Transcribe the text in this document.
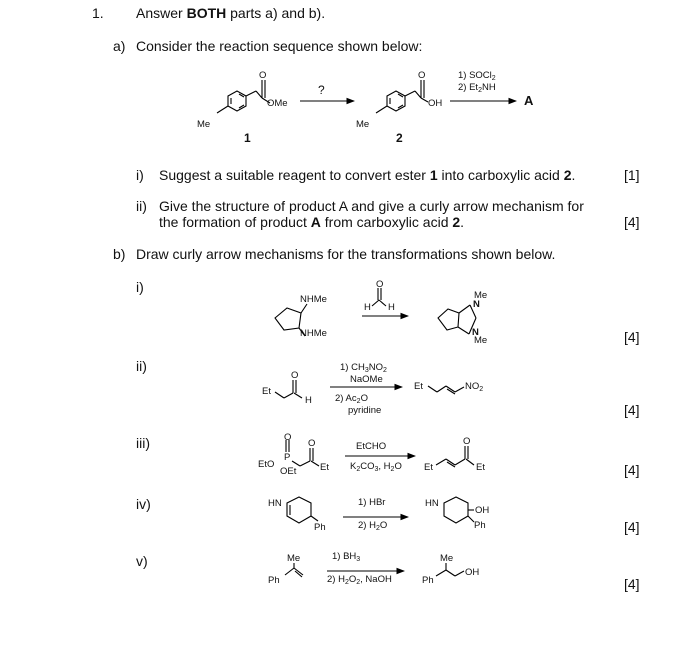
1. Answer BOTH parts a) and b).
a) Consider the reaction sequence shown below:
OMe
O
Me
1
?
O
OH
Me
2
1) SOCl$_2$
2) $Et_2NH$
A
i) Suggest a suitable reagent to convert ester 1 into carboxylic acid 2.	[1]
ii) Give the structure of product A and give a curly arrow mechanism for
the formation of product A from carboxylic acid 2.	[4]
b) Draw curly arrow mechanisms for the transformations shown below.
i)
NHMe
NHMe
O
H H
Me
N
N
Me	[4]
ii)
Et
O
H
1) $CH_3NO_2$
NaOMe
2) $Ac_2O$
pyridine
Et	$NO_2$
[4]
iii)	O
O
EtO
P
OEt Et
EtCHO
$K_2CO_3$, $H_2O$ Et
O
Et	[4]
iv)	HN
Ph
1) HBr
2) $H_2O$
HN
OH
Ph	[4]
v)	Me
Ph
1) $BH_3$
2) $H_2O_2$, NaOH
Me
Ph
OH
[4]
